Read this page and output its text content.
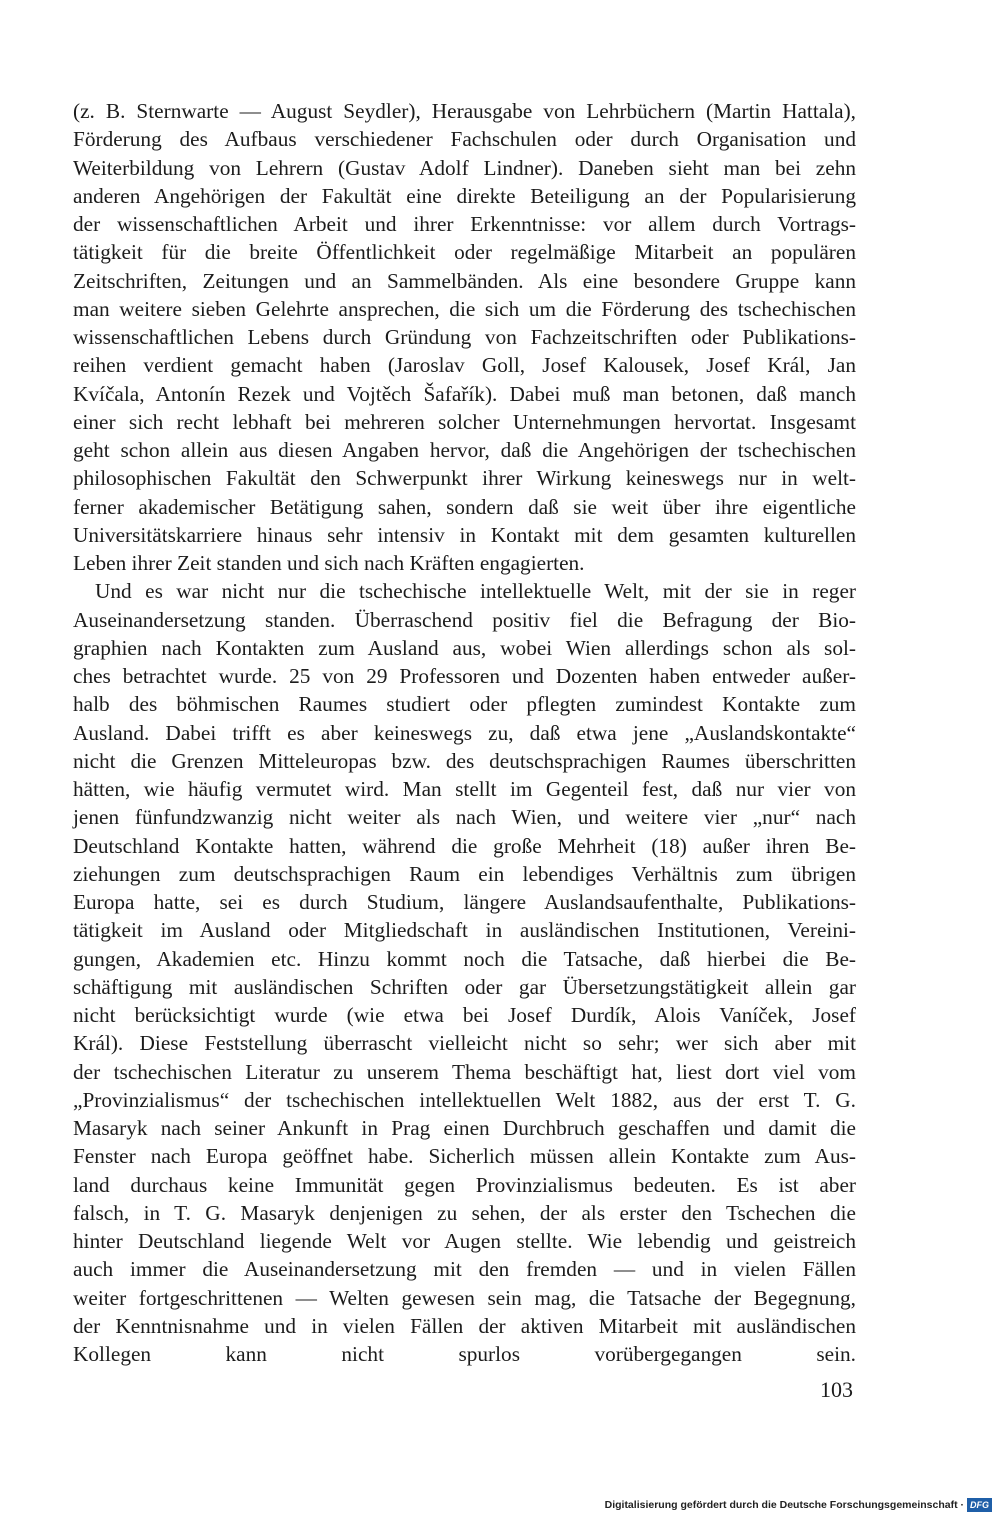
(z. B. Sternwarte — August Seydler), Herausgabe von Lehrbüchern (Martin Hattala),
Förderung des Aufbaus verschiedener Fachschulen oder durch Organisation und
Weiterbildung von Lehrern (Gustav Adolf Lindner). Daneben sieht man bei zehn
anderen Angehörigen der Fakultät eine direkte Beteiligung an der Popularisierung
der wissenschaftlichen Arbeit und ihrer Erkenntnisse: vor allem durch Vortrags-
tätigkeit für die breite Öffentlichkeit oder regelmäßige Mitarbeit an populären
Zeitschriften, Zeitungen und an Sammelbänden. Als eine besondere Gruppe kann
man weitere sieben Gelehrte ansprechen, die sich um die Förderung des tschechischen
wissenschaftlichen Lebens durch Gründung von Fachzeitschriften oder Publikations-
reihen verdient gemacht haben (Jaroslav Goll, Josef Kalousek, Josef Král, Jan
Kvíčala, Antonín Rezek und Vojtěch Šafařík). Dabei muß man betonen, daß manch
einer sich recht lebhaft bei mehreren solcher Unternehmungen hervortat. Insgesamt
geht schon allein aus diesen Angaben hervor, daß die Angehörigen der tschechischen
philosophischen Fakultät den Schwerpunkt ihrer Wirkung keineswegs nur in welt-
ferner akademischer Betätigung sahen, sondern daß sie weit über ihre eigentliche
Universitätskarriere hinaus sehr intensiv in Kontakt mit dem gesamten kulturellen
Leben ihrer Zeit standen und sich nach Kräften engagierten.
Und es war nicht nur die tschechische intellektuelle Welt, mit der sie in reger
Auseinandersetzung standen. Überraschend positiv fiel die Befragung der Bio-
graphien nach Kontakten zum Ausland aus, wobei Wien allerdings schon als sol-
ches betrachtet wurde. 25 von 29 Professoren und Dozenten haben entweder außer-
halb des böhmischen Raumes studiert oder pflegten zumindest Kontakte zum
Ausland. Dabei trifft es aber keineswegs zu, daß etwa jene „Auslandskontakte“
nicht die Grenzen Mitteleuropas bzw. des deutschsprachigen Raumes überschritten
hätten, wie häufig vermutet wird. Man stellt im Gegenteil fest, daß nur vier von
jenen fünfundzwanzig nicht weiter als nach Wien, und weitere vier „nur“ nach
Deutschland Kontakte hatten, während die große Mehrheit (18) außer ihren Be-
ziehungen zum deutschsprachigen Raum ein lebendiges Verhältnis zum übrigen
Europa hatte, sei es durch Studium, längere Auslandsaufenthalte, Publikations-
tätigkeit im Ausland oder Mitgliedschaft in ausländischen Institutionen, Vereini-
gungen, Akademien etc. Hinzu kommt noch die Tatsache, daß hierbei die Be-
schäftigung mit ausländischen Schriften oder gar Übersetzungstätigkeit allein gar
nicht berücksichtigt wurde (wie etwa bei Josef Durdík, Alois Vaníček, Josef
Král). Diese Feststellung überrascht vielleicht nicht so sehr; wer sich aber mit
der tschechischen Literatur zu unserem Thema beschäftigt hat, liest dort viel vom
„Provinzialismus“ der tschechischen intellektuellen Welt 1882, aus der erst T. G.
Masaryk nach seiner Ankunft in Prag einen Durchbruch geschaffen und damit die
Fenster nach Europa geöffnet habe. Sicherlich müssen allein Kontakte zum Aus-
land durchaus keine Immunität gegen Provinzialismus bedeuten. Es ist aber
falsch, in T. G. Masaryk denjenigen zu sehen, der als erster den Tschechen die
hinter Deutschland liegende Welt vor Augen stellte. Wie lebendig und geistreich
auch immer die Auseinandersetzung mit den fremden — und in vielen Fällen
weiter fortgeschrittenen — Welten gewesen sein mag, die Tatsache der Begegnung,
der Kenntnisnahme und in vielen Fällen der aktiven Mitarbeit mit ausländischen
Kollegen kann nicht spurlos vorübergegangen sein.
103
Digitalisierung gefördert durch die Deutsche Forschungsgemeinschaft · DFG
